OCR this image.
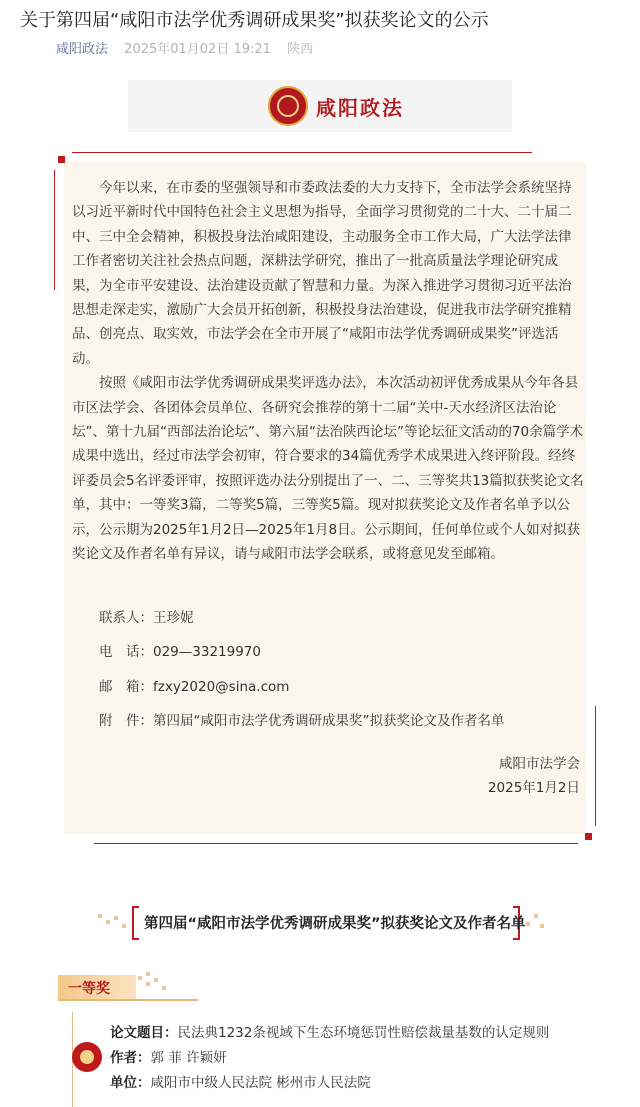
关于第四届“咸阳市法学优秀调研成果奖”拟获奖论文的公示
咸阳政法 2025年01月02日 19:21 陕西
咸阳政法

今年以来，在市委的坚强领导和市委政法委的大力支持下，全市法学会系统坚持以习近平新时代中国特色社会主义思想为指导，全面学习贯彻党的二十大、二十届二中、三中全会精神，积极投身法治咸阳建设，主动服务全市工作大局，广大法学法律工作者密切关注社会热点问题，深耕法学研究，推出了一批高质量法学理论研究成果，为全市平安建设、法治建设贡献了智慧和力量。为深入推进学习贯彻习近平法治思想走深走实，激励广大会员开拓创新，积极投身法治建设，促进我市法学研究推精品、创亮点、取实效，市法学会在全市开展了“咸阳市法学优秀调研成果奖”评选活动。

按照《咸阳市法学优秀调研成果奖评选办法》，本次活动初评优秀成果从今年各县市区法学会、各团体会员单位、各研究会推荐的第十二届“关中-天水经济区法治论坛”、第十九届“西部法治论坛”、第六届“法治陕西论坛”等论坛征文活动的70余篇学术成果中选出，经过市法学会初审，符合要求的34篇优秀学术成果进入终评阶段。经终评委员会5名评委评审，按照评选办法分别提出了一、二、三等奖共13篇拟获奖论文名单，其中：一等奖3篇，二等奖5篇，三等奖5篇。现对拟获奖论文及作者名单予以公示，公示期为2025年1月2日—2025年1月8日。公示期间，任何单位或个人如对拟获奖论文及作者名单有异议，请与咸阳市法学会联系，或将意见发至邮箱。

联系人：王珍妮
电　话：029—33219970
邮　箱：fzxy2020@sina.com
附　件：第四届“咸阳市法学优秀调研成果奖”拟获奖论文及作者名单
咸阳市法学会
2025年1月2日
第四届“咸阳市法学优秀调研成果奖”拟获奖论文及作者名单
一等奖
论文题目：民法典1232条视域下生态环境惩罚性赔偿裁量基数的认定规则
作者：郭 菲 许颖妍
单位：咸阳市中级人民法院 彬州市人民法院
